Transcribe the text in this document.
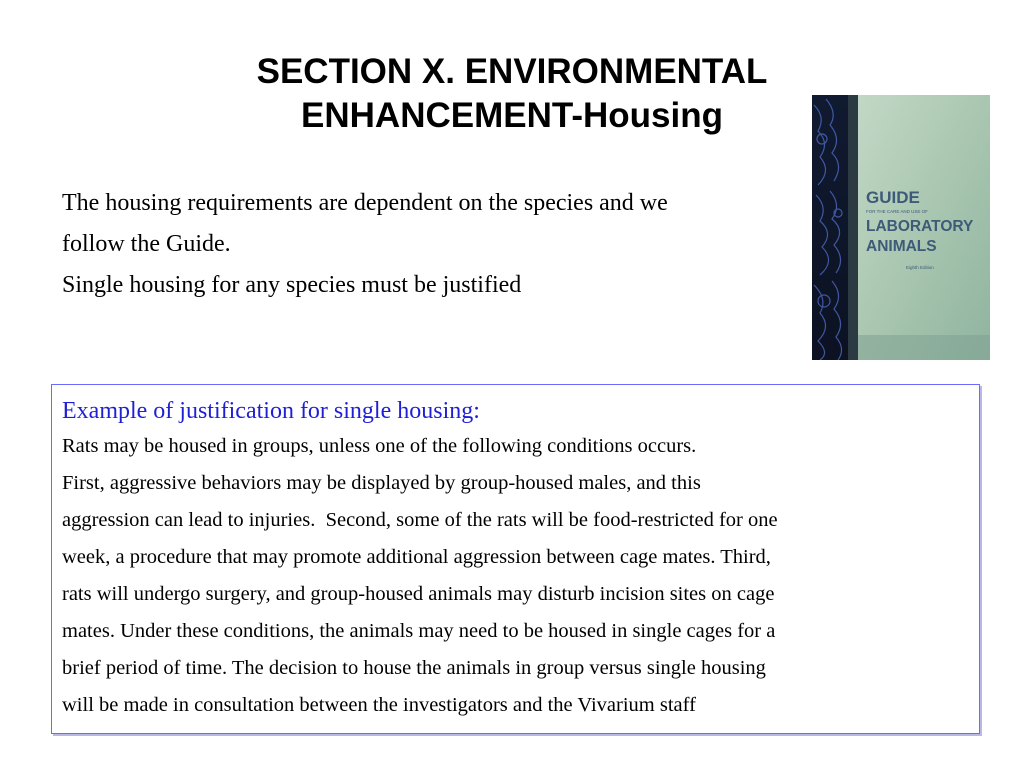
SECTION X. ENVIRONMENTAL
ENHANCEMENT-Housing

The housing requirements are dependent on the species and we

follow the Guide.

Single housing for any species must be justified

GUIDE
FOR THE CARE AND USE OF
LABORATORY
ANIMALS
Eighth Edition
Example of justification for single housing:
Rats may be housed in groups, unless one of the following conditions occurs.
First, aggressive behaviors may be displayed by group-housed males, and this
aggression can lead to injuries.  Second, some of the rats will be food-restricted for one
week, a procedure that may promote additional aggression between cage mates. Third,
rats will undergo surgery, and group-housed animals may disturb incision sites on cage
mates. Under these conditions, the animals may need to be housed in single cages for a
brief period of time. The decision to house the animals in group versus single housing
will be made in consultation between the investigators and the Vivarium staff
